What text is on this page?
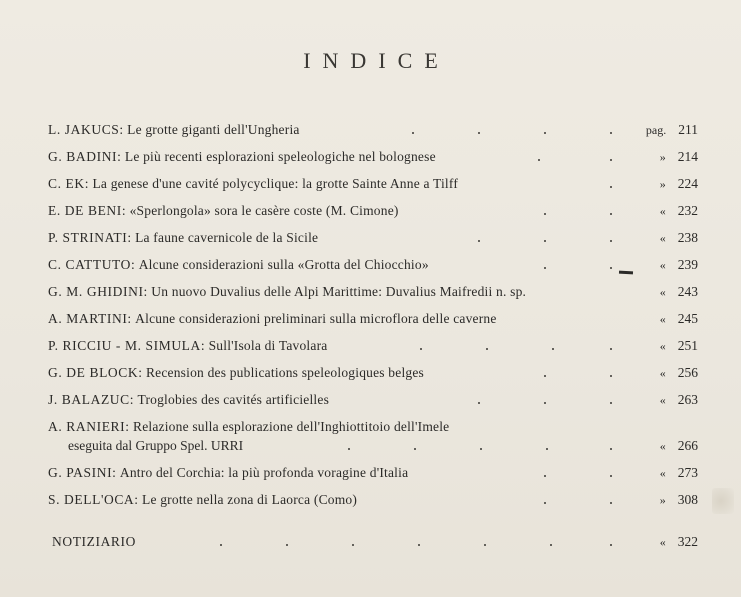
INDICE
L. JAKUCS: Le grotte giganti dell'Ungheria	pag. 211
G. BADINI: Le più recenti esplorazioni speleologiche nel bolognese	» 214
C. EK: La genese d'une cavité polycyclique: la grotte Sainte Anne a Tilff	» 224
E. DE BENI: «Sperlongola» sora le casère coste (M. Cimone)	« 232
P. STRINATI: La faune cavernicole de la Sicile	« 238
C. CATTUTO: Alcune considerazioni sulla «Grotta del Chiocchio»	« 239
G. M. GHIDINI: Un nuovo Duvalius delle Alpi Marittime: Duvalius Maifredii n. sp.	« 243
A. MARTINI: Alcune considerazioni preliminari sulla microflora delle caverne	« 245
P. RICCIU - M. SIMULA: Sull'Isola di Tavolara	« 251
G. DE BLOCK: Recension des publications speleologiques belges	« 256
J. BALAZUC: Troglobies des cavités artificielles	« 263
A. RANIERI: Relazione sulla esplorazione dell'Inghiottitoio dell'Imele
eseguita dal Gruppo Spel. URRI	« 266
G. PASINI: Antro del Corchia: la più profonda voragine d'Italia	« 273
S. DELL'OCA: Le grotte nella zona di Laorca (Como)	» 308
NOTIZIARIO	« 322
